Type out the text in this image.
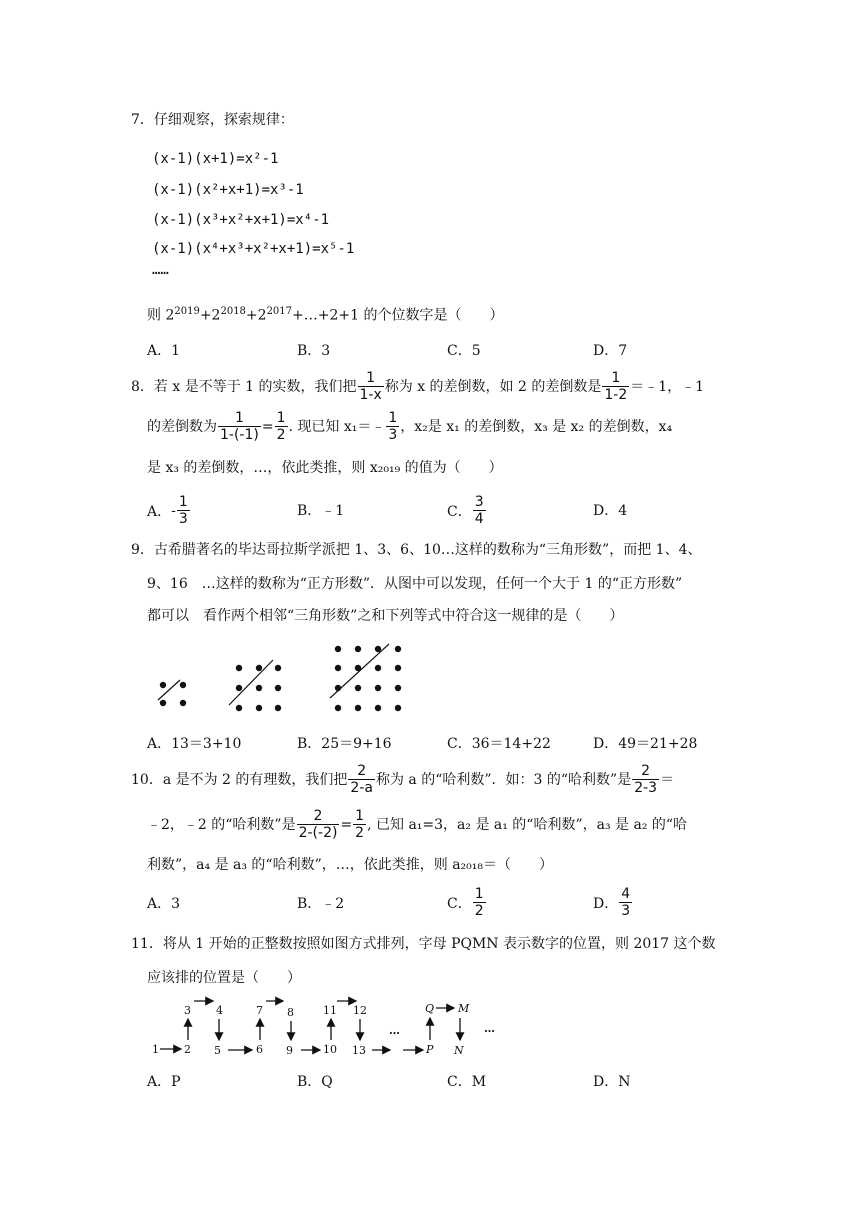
7．仔细观察，探索规律：
(x-1)(x+1)=x²-1
(x-1)(x²+x+1)=x³-1
(x-1)(x³+x²+x+1)=x⁴-1
(x-1)(x⁴+x³+x²+x+1)=x⁵-1
……
则 $2^{2019}+2^{2018}+2^{2017}+\dots+2+1$ 的个位数字是（　　）
A．1	B．3	C．5	D．7
8．若 x 是不等于 1 的实数，我们把 $\frac{1}{1-x}$ 称为 x 的差倒数，如 2 的差倒数是 $\frac{1}{1-2}$ ＝﹣1，﹣1
的差倒数为 $\frac{1}{1-(-1)} = \frac{1}{2}$ . 现已知 x₁＝﹣ $\frac{1}{3}$ ，x₂是 x₁ 的差倒数，x₃ 是 x₂ 的差倒数，x₄
是 x₃ 的差倒数，…，依此类推，则 x₂₀₁₉ 的值为（　　）
A． - $\frac{1}{3}$	B．﹣1	C． $\frac{3}{4}$	D．4
9．古希腊著名的毕达哥拉斯学派把 1、3、6、10…这样的数称为“三角形数”，而把 1、4、
9、16　…这样的数称为“正方形数”．从图中可以发现，任何一个大于 1 的“正方形数”
都可以　看作两个相邻“三角形数”之和下列等式中符合这一规律的是（　　）
A．13＝3+10	B．25＝9+16	C．36＝14+22	D．49＝21+28
10．a 是不为 2 的有理数，我们把 $\frac{2}{2-a}$ 称为 a 的“哈利数”．如：3 的“哈利数”是 $\frac{2}{2-3}$ ＝
﹣2，﹣2 的“哈利数”是 $\frac{2}{2-(-2)} = \frac{1}{2}$ , 已知 a₁=3，a₂ 是 a₁ 的“哈利数”，a₃ 是 a₂ 的“哈
利数”，a₄ 是 a₃ 的“哈利数”，…，依此类推，则 a₂₀₁₈＝（　　）
A．3	B．﹣2	C． $\frac{1}{2}$	D． $\frac{4}{3}$
11．将从 1 开始的正整数按照如图方式排列，字母 PQMN 表示数字的位置，则 2017 这个数
应该排的位置是（　　）
1 2
3 4
5	6
7 8
9	10
11 12
13	P
Q M
N
…	…
A．P	B．Q	C．M	D．N
